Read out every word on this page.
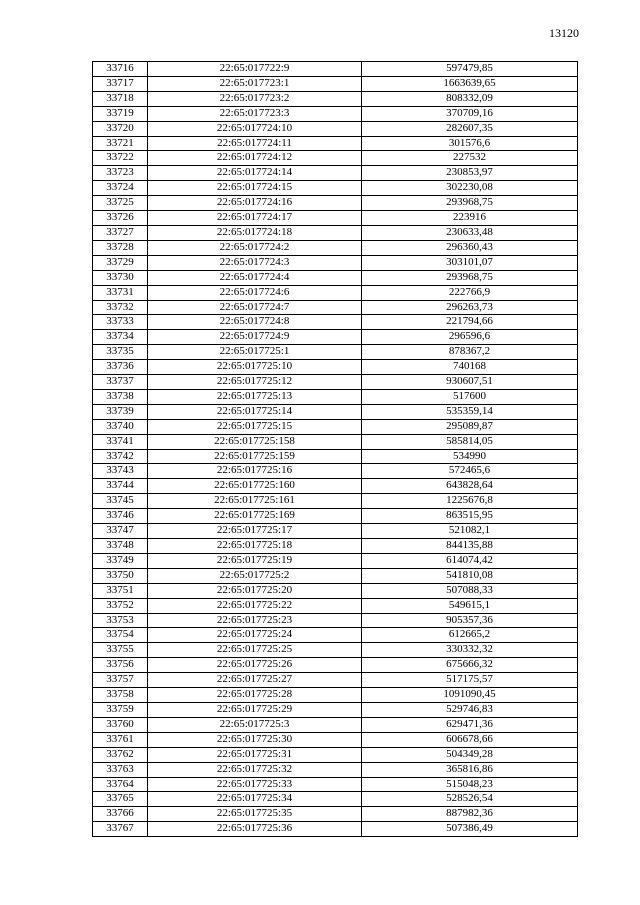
13120
33716	22:65:017722:9	597479,85
33717	22:65:017723:1	1663639,65
33718	22:65:017723:2	808332,09
33719	22:65:017723:3	370709,16
33720	22:65:017724:10	282607,35
33721	22:65:017724:11	301576,6
33722	22:65:017724:12	227532
33723	22:65:017724:14	230853,97
33724	22:65:017724:15	302230,08
33725	22:65:017724:16	293968,75
33726	22:65:017724:17	223916
33727	22:65:017724:18	230633,48
33728	22:65:017724:2	296360,43
33729	22:65:017724:3	303101,07
33730	22:65:017724:4	293968,75
33731	22:65:017724:6	222766,9
33732	22:65:017724:7	296263,73
33733	22:65:017724:8	221794,66
33734	22:65:017724:9	296596,6
33735	22:65:017725:1	878367,2
33736	22:65:017725:10	740168
33737	22:65:017725:12	930607,51
33738	22:65:017725:13	517600
33739	22:65:017725:14	535359,14
33740	22:65:017725:15	295089,87
33741	22:65:017725:158	585814,05
33742	22:65:017725:159	534990
33743	22:65:017725:16	572465,6
33744	22:65:017725:160	643828,64
33745	22:65:017725:161	1225676,8
33746	22:65:017725:169	863515,95
33747	22:65:017725:17	521082,1
33748	22:65:017725:18	844135,88
33749	22:65:017725:19	614074,42
33750	22:65:017725:2	541810,08
33751	22:65:017725:20	507088,33
33752	22:65:017725:22	549615,1
33753	22:65:017725:23	905357,36
33754	22:65:017725:24	612665,2
33755	22:65:017725:25	330332,32
33756	22:65:017725:26	675666,32
33757	22:65:017725:27	517175,57
33758	22:65:017725:28	1091090,45
33759	22:65:017725:29	529746,83
33760	22:65:017725:3	629471,36
33761	22:65:017725:30	606678,66
33762	22:65:017725:31	504349,28
33763	22:65:017725:32	365816,86
33764	22:65:017725:33	515048,23
33765	22:65:017725:34	528526,54
33766	22:65:017725:35	887982,36
33767	22:65:017725:36	507386,49
